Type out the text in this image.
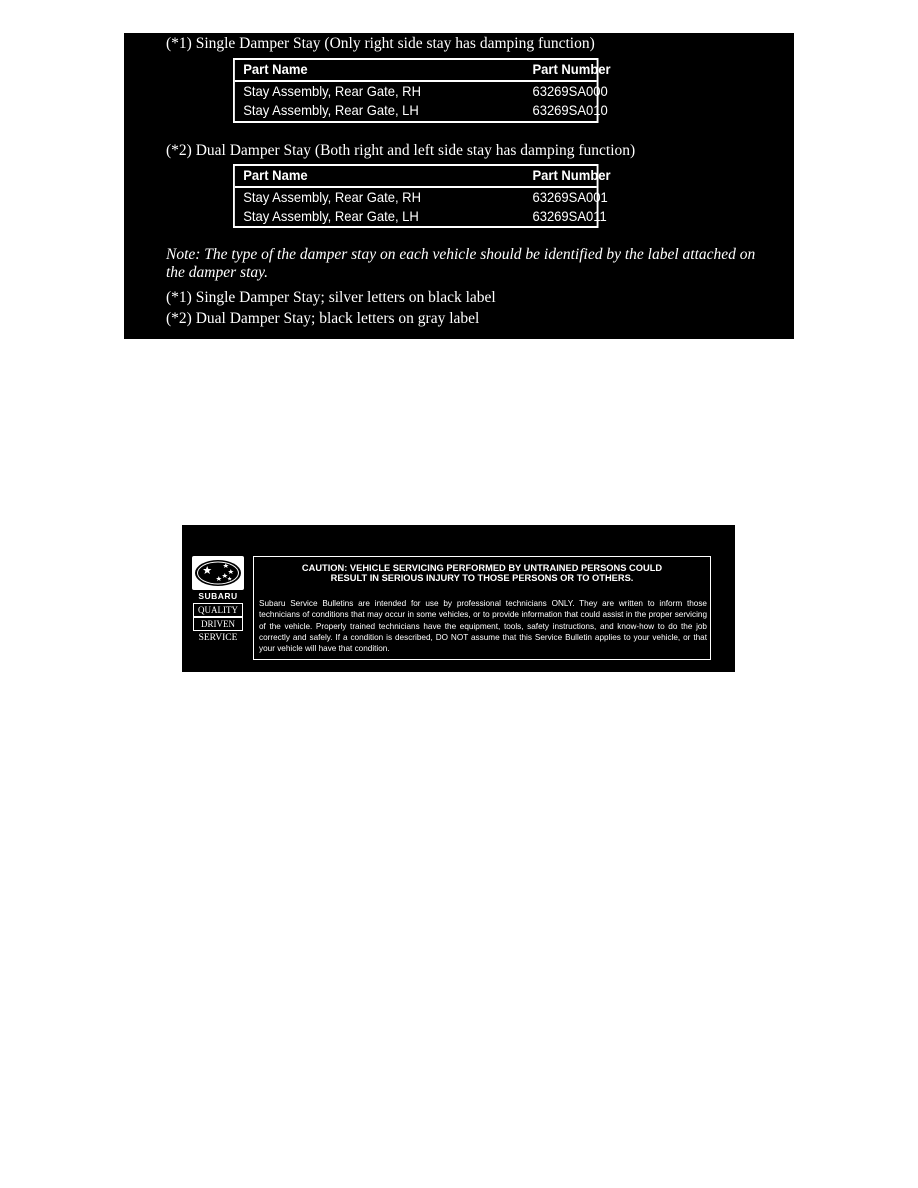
(*1) Single Damper Stay (Only right side stay has damping function)
Part Name	Part Number
Stay Assembly, Rear Gate, RH	63269SA000
Stay Assembly, Rear Gate, LH	63269SA010
(*2) Dual Damper Stay (Both right and left side stay has damping function)
Part Name	Part Number
Stay Assembly, Rear Gate, RH	63269SA001
Stay Assembly, Rear Gate, LH	63269SA011
Note: The type of the damper stay on each vehicle should be identified by the label attached on the damper stay.
(*1) Single Damper Stay; silver letters on black label
(*2) Dual Damper Stay; black letters on gray label
SUBARU
QUALITY
DRIVEN
SERVICE
CAUTION: VEHICLE SERVICING PERFORMED BY UNTRAINED PERSONS COULD
RESULT IN SERIOUS INJURY TO THOSE PERSONS OR TO OTHERS.
Subaru Service Bulletins are intended for use by professional technicians ONLY. They are written to inform those technicians of conditions that may occur in some vehicles, or to provide information that could assist in the proper servicing of the vehicle. Properly trained technicians have the equipment, tools, safety instructions, and know-how to do the job correctly and safely. If a condition is described, DO NOT assume that this Service Bulletin applies to your vehicle, or that your vehicle will have that condition.
